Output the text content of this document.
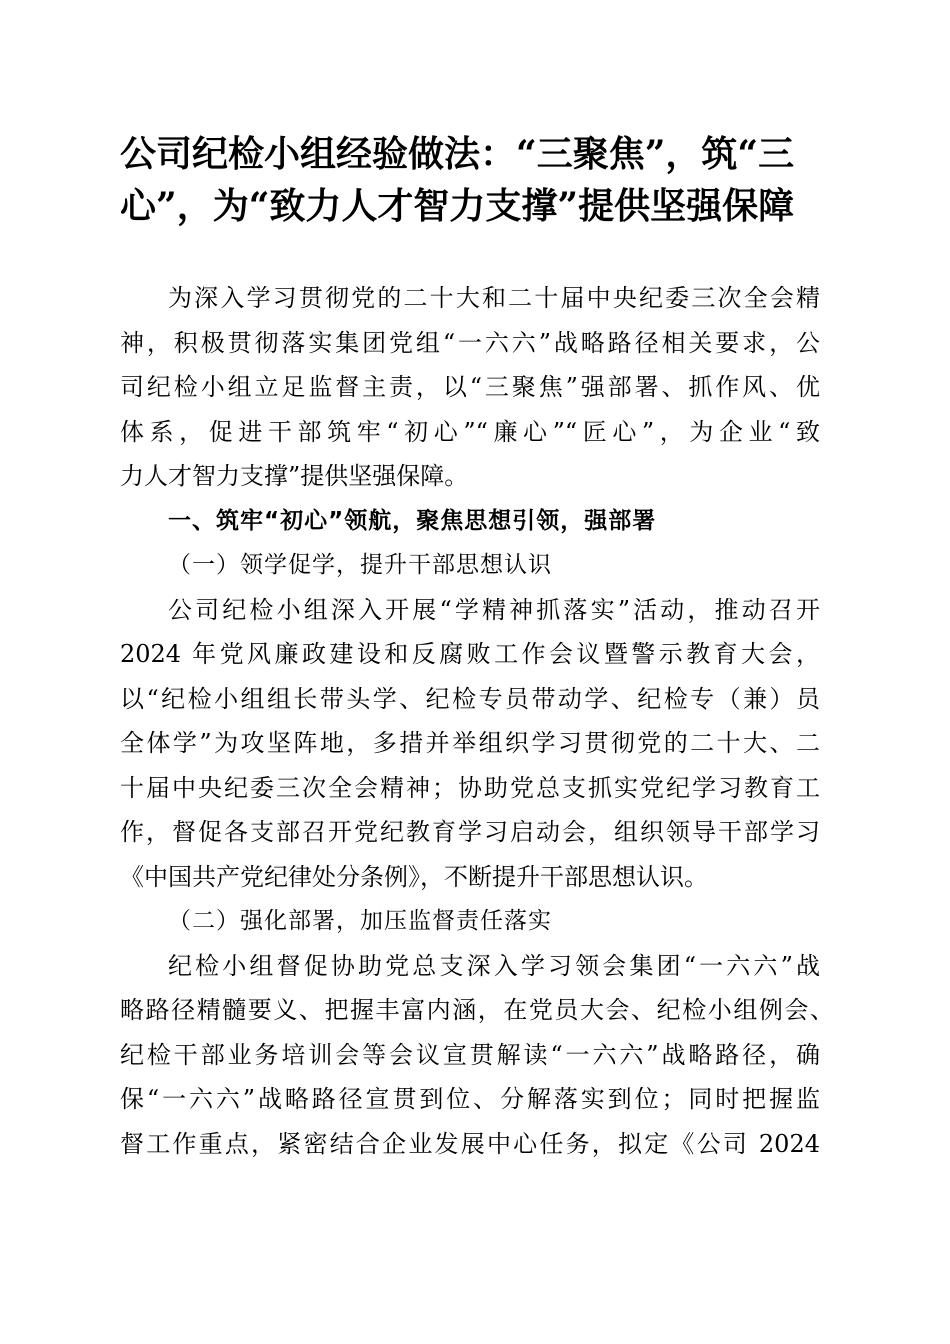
公司纪检小组经验做法：“三聚焦”，筑“三
心”，为“致力人才智力支撑”提供坚强保障
为深入学习贯彻党的二十大和二十届中央纪委三次全会精
神，积极贯彻落实集团党组“一六六”战略路径相关要求，公
司纪检小组立足监督主责，以“三聚焦”强部署、抓作风、优
体系，促进干部筑牢“初心”“廉心”“匠心”，为企业“致
力人才智力支撑”提供坚强保障。
一、筑牢“初心”领航，聚焦思想引领，强部署
（一）领学促学，提升干部思想认识
公司纪检小组深入开展“学精神抓落实”活动，推动召开
2024 年党风廉政建设和反腐败工作会议暨警示教育大会，
以“纪检小组组长带头学、纪检专员带动学、纪检专（兼）员
全体学”为攻坚阵地，多措并举组织学习贯彻党的二十大、二
十届中央纪委三次全会精神；协助党总支抓实党纪学习教育工
作，督促各支部召开党纪教育学习启动会，组织领导干部学习
《中国共产党纪律处分条例》，不断提升干部思想认识。
（二）强化部署，加压监督责任落实
纪检小组督促协助党总支深入学习领会集团“一六六”战
略路径精髓要义、把握丰富内涵，在党员大会、纪检小组例会、
纪检干部业务培训会等会议宣贯解读“一六六”战略路径，确
保“一六六”战略路径宣贯到位、分解落实到位；同时把握监
督工作重点，紧密结合企业发展中心任务，拟定《公司 2024
